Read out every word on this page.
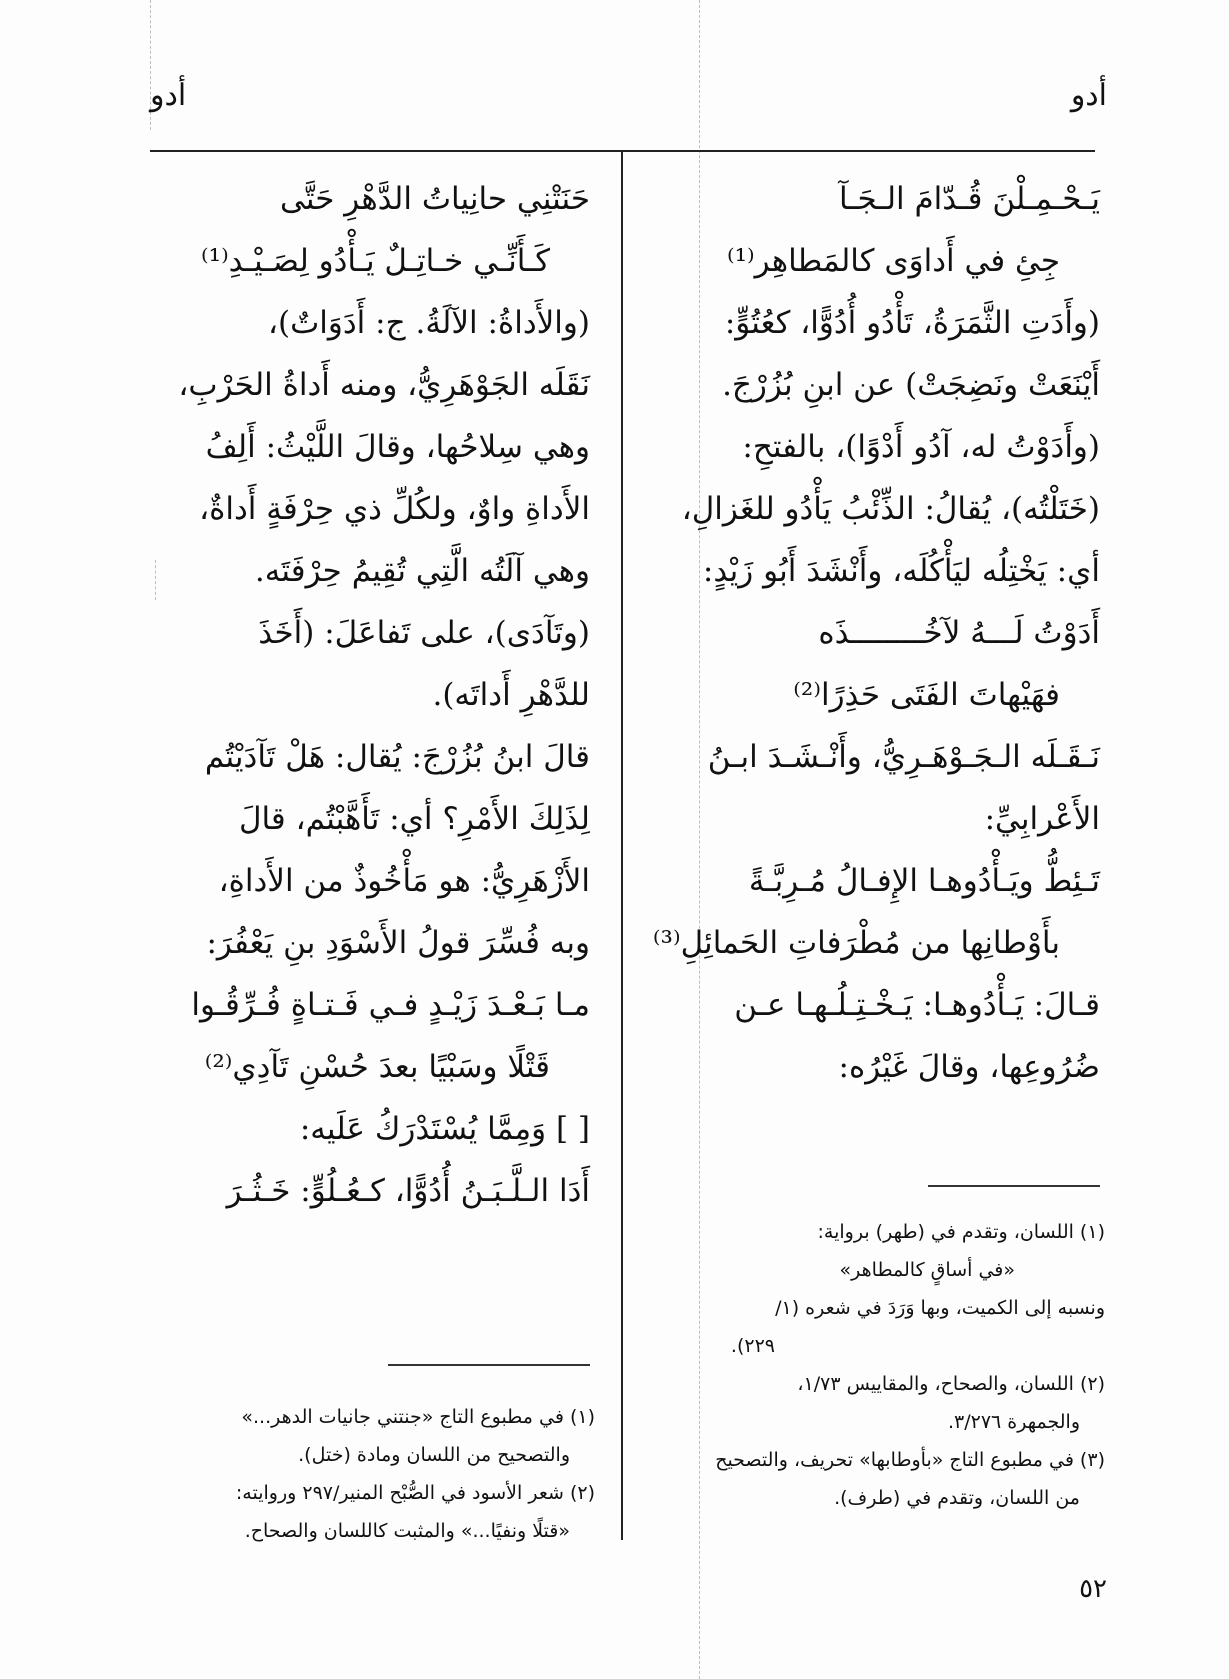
أدو
أدو
يَـحْـمِـلْنَ قُـدّامَ الـجَـآ
جِئِ في أَداوَى كالمَطاهِر⁽¹⁾
(وأَدَتِ الثَّمَرَةُ، تَأْدُو أُدُوًّا، كعُتُوٍّ:
أَيْنَعَتْ ونَضِجَتْ) عن ابنِ بُزُرْجَ.
(وأَدَوْتُ له، آدُو أَدْوًا)، بالفتحِ:
(خَتَلْتُه)، يُقالُ: الذِّئْبُ يَأْدُو للغَزالِ،
أي: يَخْتِلُه ليَأْكُلَه، وأَنْشَدَ أَبُو زَيْدٍ:
أَدَوْتُ لَـــهُ لآخُــــــــذَه
فهَيْهاتَ الفَتَى حَذِرًا⁽²⁾
نَـقَـلَه الـجَـوْهَـرِيُّ، وأَنْـشَـدَ ابـنُ
الأَعْرابِيِّ:
تَـئِطُّ ويَـأْدُوهـا الإِفـالُ مُـرِبَّـةً
بأَوْطانِها من مُطْرَفاتِ الحَمائِلِ⁽³⁾
قـالَ: يَـأْدُوهـا: يَـخْـتِـلُـهـا عـن
ضُرُوعِها، وقالَ غَيْرُه:
حَنَتْنِي حانِياتُ الدَّهْرِ حَتَّى
كَـأَنِّـي خـاتِـلٌ يَـأْدُو لِصَـيْـدِ⁽¹⁾
(والأَداةُ: الآلَةُ. ج: أَدَوَاتٌ)،
نَقَلَه الجَوْهَرِيُّ، ومنه أَداةُ الحَرْبِ،
وهي سِلاحُها، وقالَ اللَّيْثُ: أَلِفُ
الأَداةِ واوٌ، ولكُلِّ ذي حِرْفَةٍ أَداةٌ،
وهي آلَتُه الَّتِي تُقِيمُ حِرْفَتَه.
(وتَآدَى)، على تَفاعَلَ: (أَخَذَ
للدَّهْرِ أَداتَه).
قالَ ابنُ بُزُرْجَ: يُقال: هَلْ تَآدَيْتُم
لِذَلِكَ الأَمْرِ؟ أي: تَأَهَّبْتُم، قالَ
الأَزْهَرِيُّ: هو مَأْخُوذٌ من الأَداةِ،
وبه فُسِّرَ قولُ الأَسْوَدِ بنِ يَعْفُرَ:
مـا بَـعْـدَ زَيْـدٍ فـي فَـتـاةٍ فُـرِّقُـوا
قَتْلًا وسَبْيًا بعدَ حُسْنِ تَآدِي⁽²⁾
[ ] وَمِمَّا يُسْتَدْرَكُ عَلَيه:
أَدَا الـلَّـبَـنُ أُدُوًّا، كـعُـلُوٍّ: خَـثُـرَ
(١) اللسان، وتقدم في (طهر) برواية:
«في أساقٍ كالمطاهر»
ونسبه إلى الكميت، وبها وَرَدَ في شعره (١/
٢٢٩).
(٢) اللسان، والصحاح، والمقاييس ١/٧٣،
والجمهرة ٣/٢٧٦.
(٣) في مطبوع التاج «بأوطابها» تحريف، والتصحيح
من اللسان، وتقدم في (طرف).
(١) في مطبوع التاج «جنتني جانيات الدهر...»
والتصحيح من اللسان ومادة (ختل).
(٢) شعر الأسود في الصُّبْح المنير/٢٩٧ وروايته:
«قتلًا ونفيًا...» والمثبت كاللسان والصحاح.
٥٢
